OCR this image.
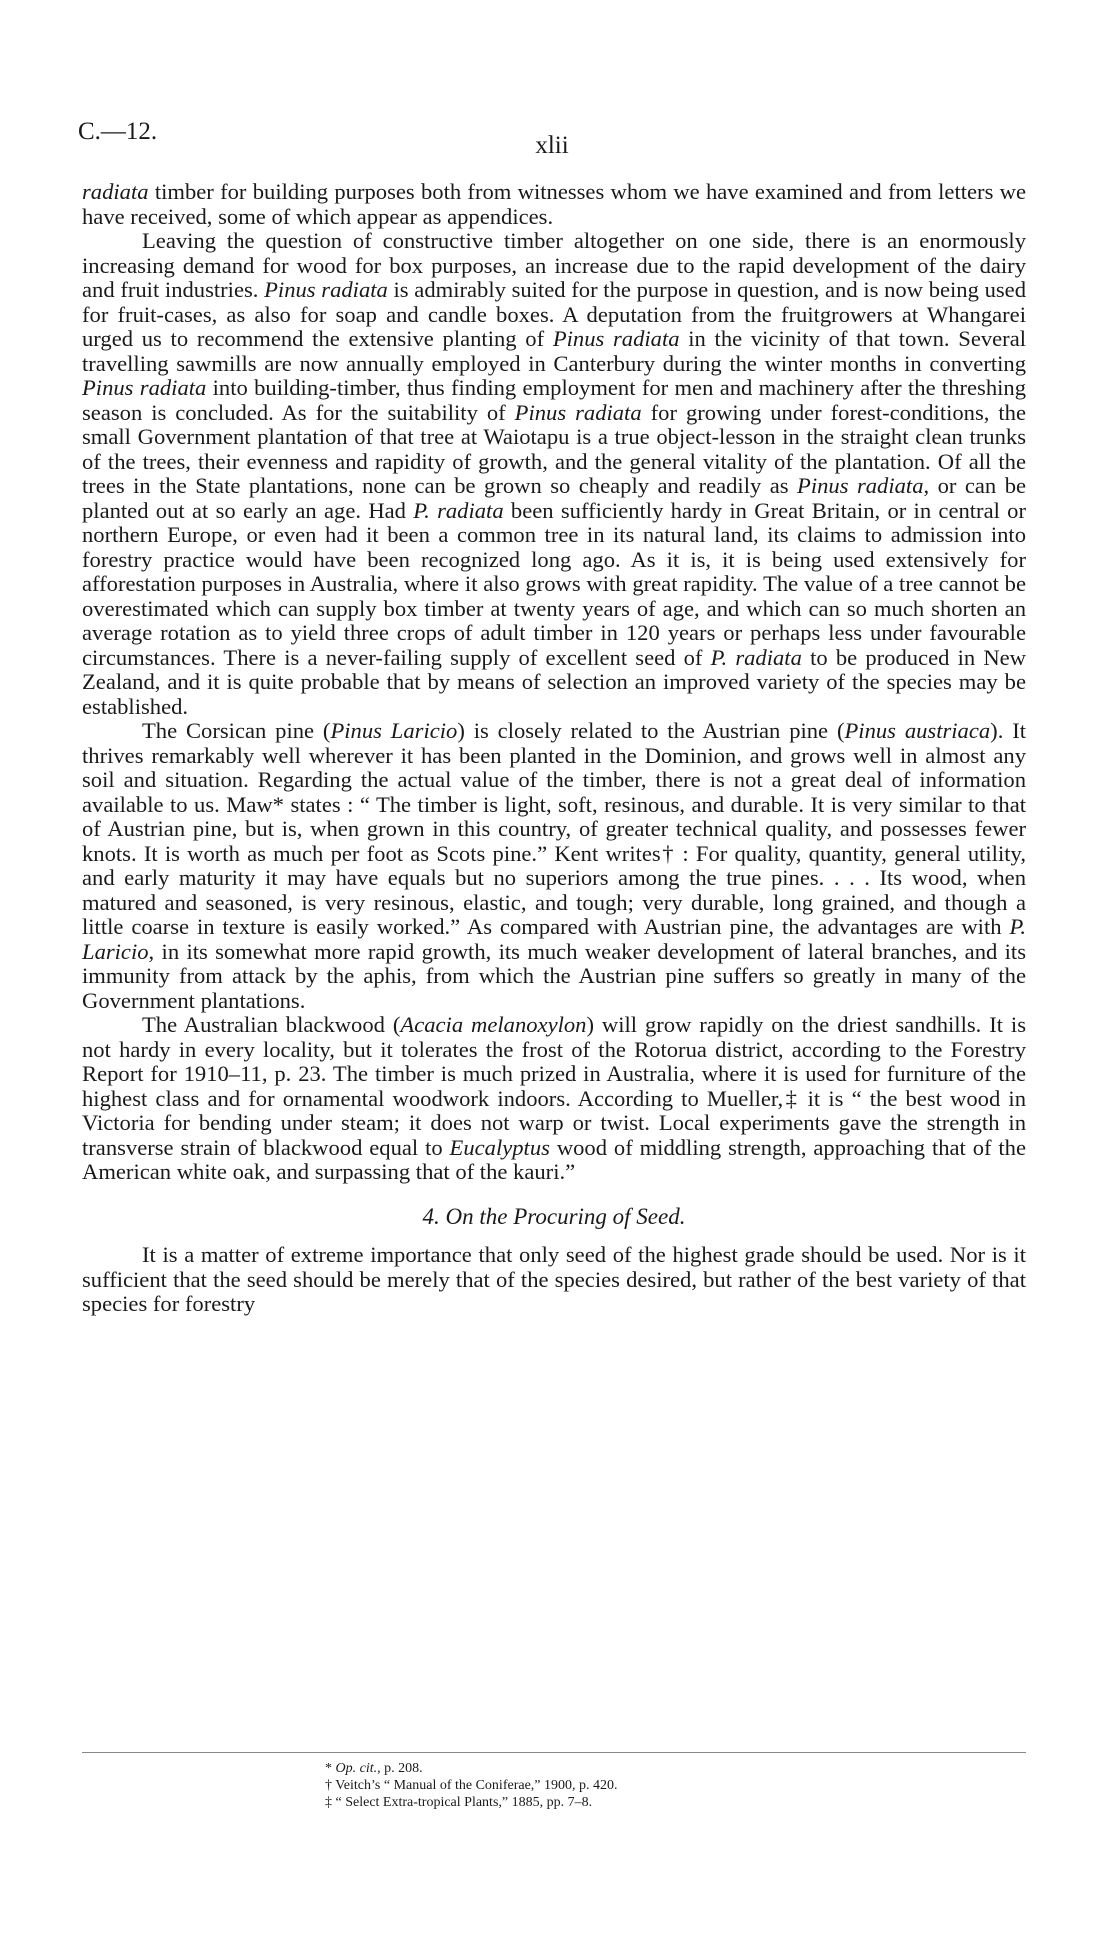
C.—12.
xlii

radiata timber for building purposes both from witnesses whom we have examined and from letters we have received, some of which appear as appendices.

Leaving the question of constructive timber altogether on one side, there is an enormously increasing demand for wood for box purposes, an increase due to the rapid development of the dairy and fruit industries. Pinus radiata is admirably suited for the purpose in question, and is now being used for fruit-cases, as also for soap and candle boxes. A deputation from the fruitgrowers at Whangarei urged us to recommend the extensive planting of Pinus radiata in the vicinity of that town. Several travelling sawmills are now annually employed in Canterbury during the winter months in converting Pinus radiata into building-timber, thus finding employment for men and machinery after the threshing season is concluded. As for the suitability of Pinus radiata for growing under forest-conditions, the small Government plantation of that tree at Waiotapu is a true object-lesson in the straight clean trunks of the trees, their evenness and rapidity of growth, and the general vitality of the plantation. Of all the trees in the State plantations, none can be grown so cheaply and readily as Pinus radiata, or can be planted out at so early an age. Had P. radiata been sufficiently hardy in Great Britain, or in central or northern Europe, or even had it been a common tree in its natural land, its claims to admission into forestry practice would have been recognized long ago. As it is, it is being used extensively for afforestation purposes in Australia, where it also grows with great rapidity. The value of a tree cannot be overestimated which can supply box timber at twenty years of age, and which can so much shorten an average rotation as to yield three crops of adult timber in 120 years or perhaps less under favourable circumstances. There is a never-failing supply of excellent seed of P. radiata to be produced in New Zealand, and it is quite probable that by means of selection an improved variety of the species may be established.

The Corsican pine (Pinus Laricio) is closely related to the Austrian pine (Pinus austriaca). It thrives remarkably well wherever it has been planted in the Dominion, and grows well in almost any soil and situation. Regarding the actual value of the timber, there is not a great deal of information available to us. Maw* states : “ The timber is light, soft, resinous, and durable. It is very similar to that of Austrian pine, but is, when grown in this country, of greater technical quality, and possesses fewer knots. It is worth as much per foot as Scots pine.” Kent writes† : For quality, quantity, general utility, and early maturity it may have equals but no superiors among the true pines. . . . Its wood, when matured and seasoned, is very resinous, elastic, and tough; very durable, long grained, and though a little coarse in texture is easily worked.” As compared with Austrian pine, the advantages are with P. Laricio, in its somewhat more rapid growth, its much weaker development of lateral branches, and its immunity from attack by the aphis, from which the Austrian pine suffers so greatly in many of the Government plantations.

The Australian blackwood (Acacia melanoxylon) will grow rapidly on the driest sandhills. It is not hardy in every locality, but it tolerates the frost of the Rotorua district, according to the Forestry Report for 1910–11, p. 23. The timber is much prized in Australia, where it is used for furniture of the highest class and for ornamental woodwork indoors. According to Mueller,‡ it is “ the best wood in Victoria for bending under steam; it does not warp or twist. Local experiments gave the strength in transverse strain of blackwood equal to Eucalyptus wood of middling strength, approaching that of the American white oak, and surpassing that of the kauri.”

4. On the Procuring of Seed.

It is a matter of extreme importance that only seed of the highest grade should be used. Nor is it sufficient that the seed should be merely that of the species desired, but rather of the best variety of that species for forestry

* Op. cit., p. 208.
† Veitch’s “ Manual of the Coniferae,” 1900, p. 420.
‡ “ Select Extra-tropical Plants,” 1885, pp. 7–8.
